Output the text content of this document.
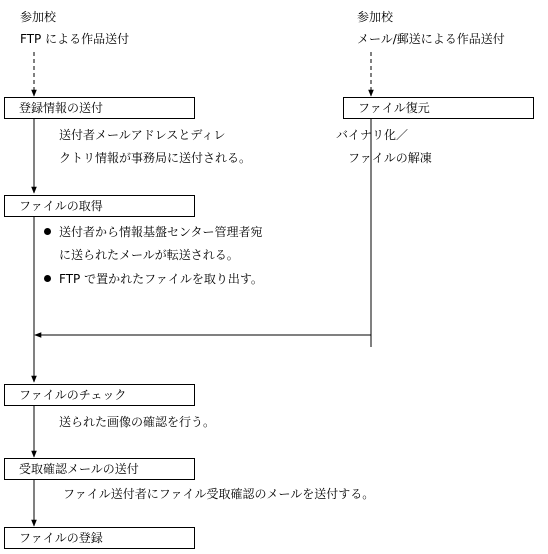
参加校
FTP による作品送付
参加校
メール/郵送による作品送付
登録情報の送付	ファイル復元
ファイルの取得
ファイルのチェック
受取確認メールの送付
ファイルの登録
送付者メールアドレスとディレ
クトリ情報が事務局に送付される。
バイナリ化／
ファイルの解凍
送付者から情報基盤センター管理者宛
に送られたメールが転送される。
FTP で置かれたファイルを取り出す。
送られた画像の確認を行う。
ファイル送付者にファイル受取確認のメールを送付する。
